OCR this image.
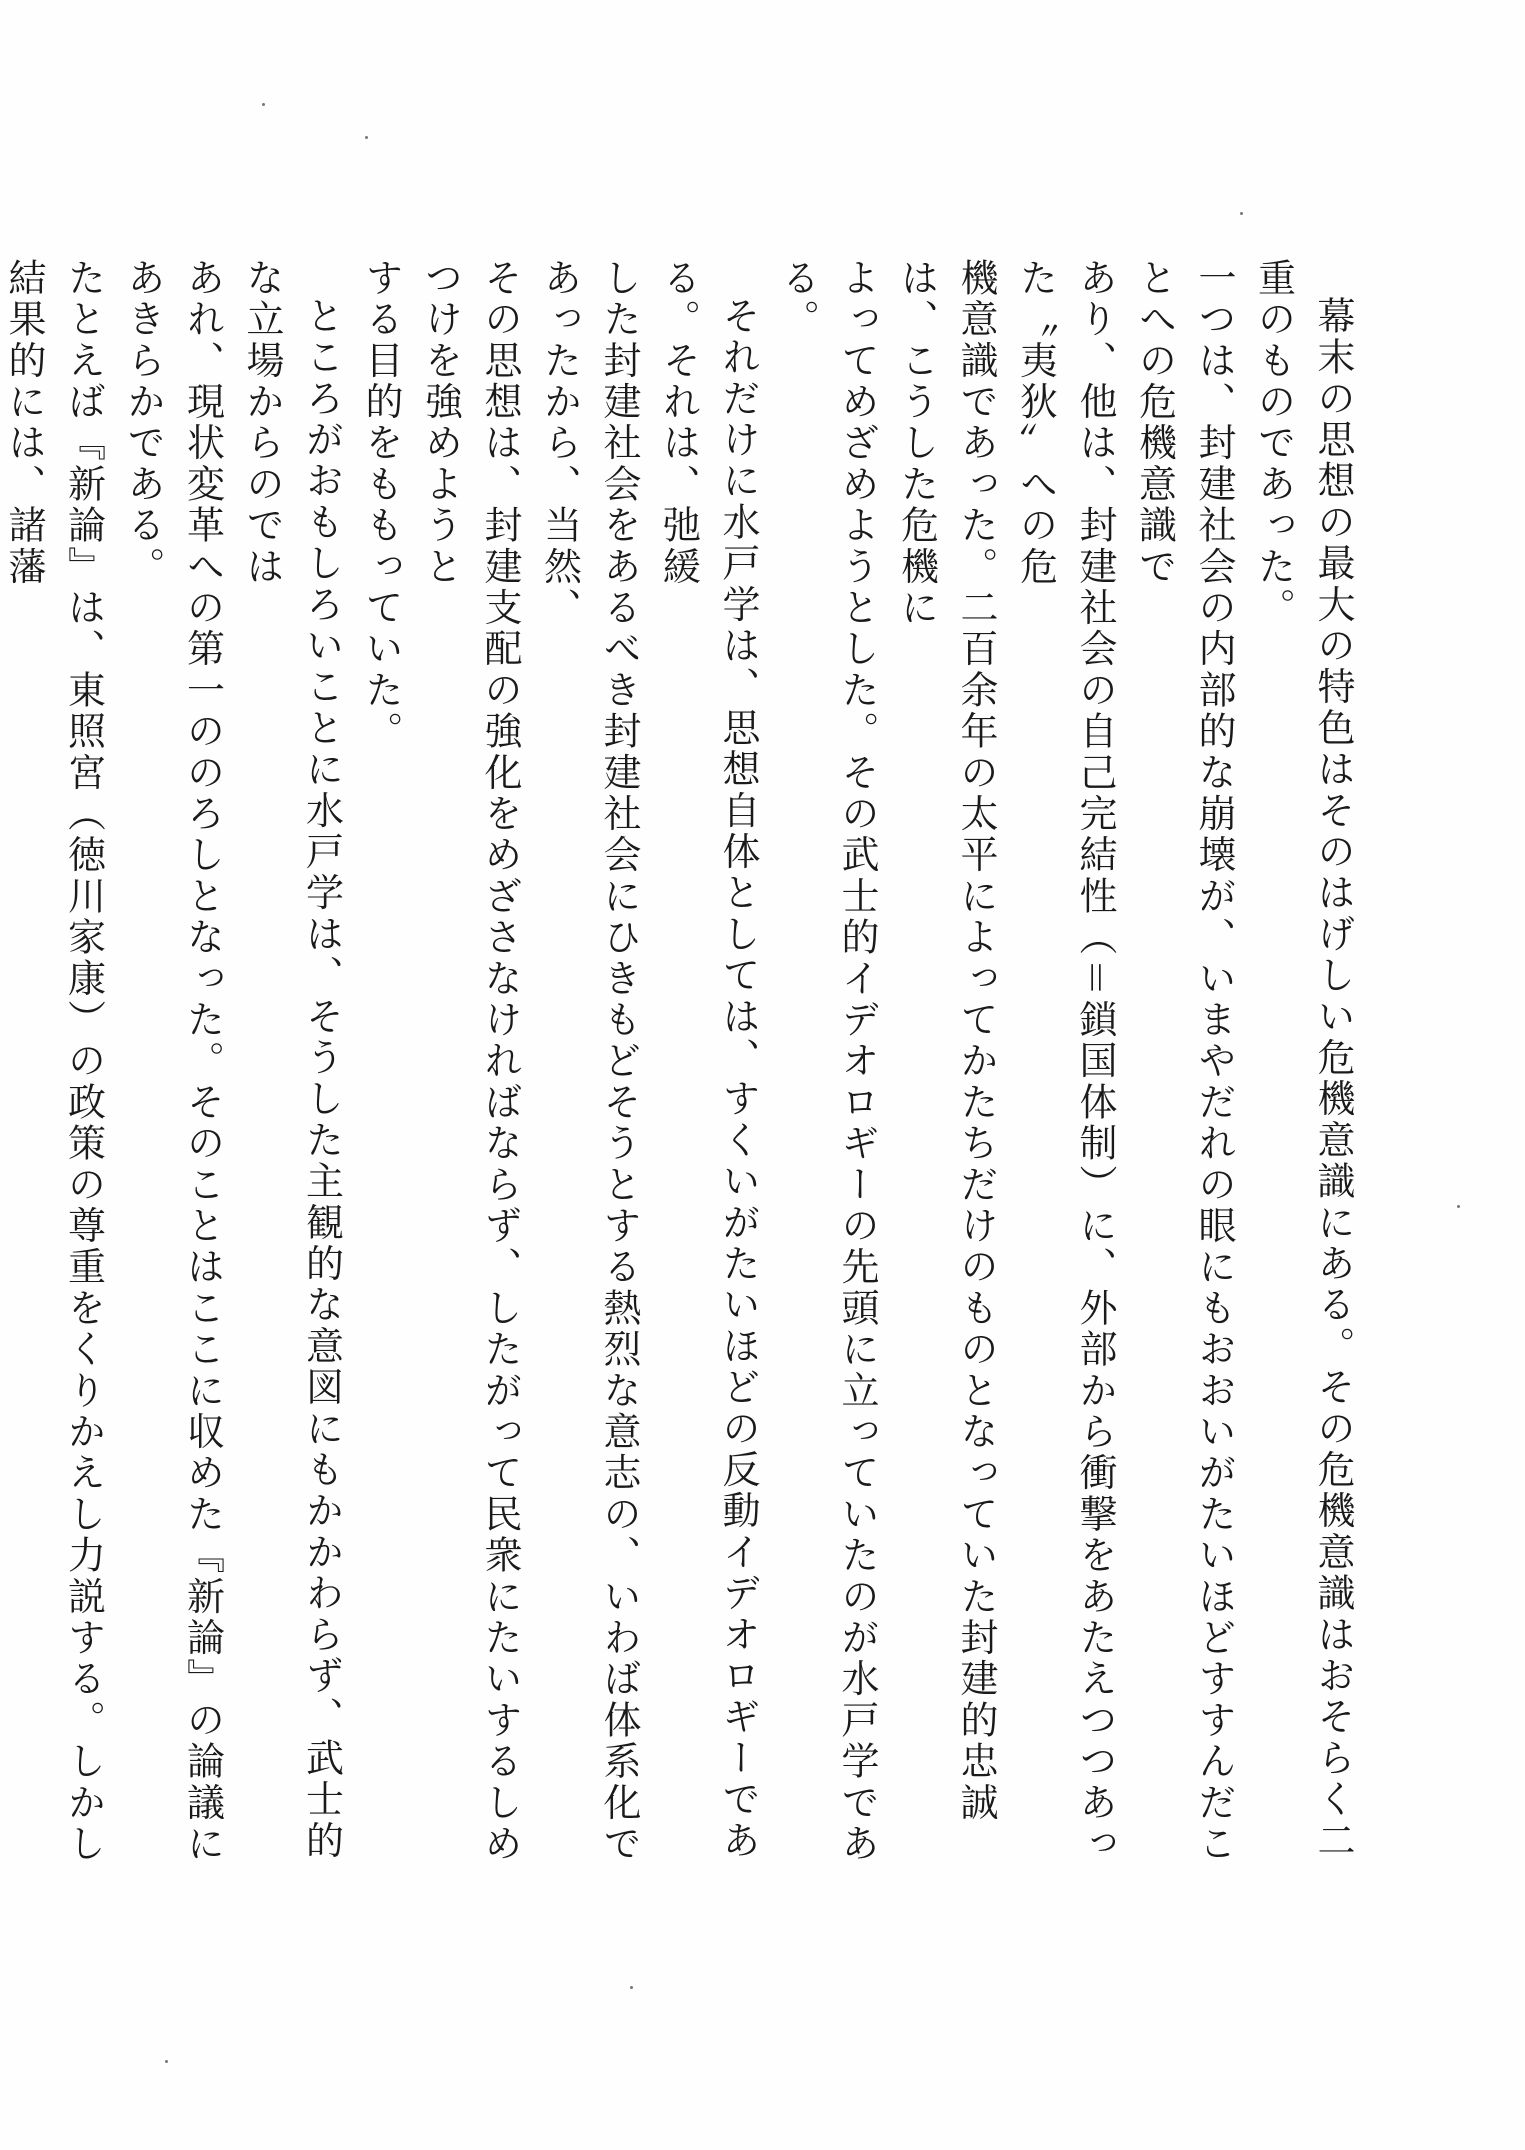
幕末の思想の最大の特色はそのはげしい危機意識にある。その危機意識はおそらく二重のものであった。
一つは、封建社会の内部的な崩壊が、いまやだれの眼にもおおいがたいほどすすんだことへの危機意識で
あり、他は、封建社会の自己完結性（＝鎖国体制）に、外部から衝撃をあたえつつあった〝夷狄〟への危
機意識であった。二百余年の太平によってかたちだけのものとなっていた封建的忠誠は、こうした危機に
よってめざめようとした。その武士的イデオロギーの先頭に立っていたのが水戸学である。

それだけに水戸学は、思想自体としては、すくいがたいほどの反動イデオロギーである。それは、弛緩
した封建社会をあるべき封建社会にひきもどそうとする熱烈な意志の、いわば体系化であったから、当然、
その思想は、封建支配の強化をめざさなければならず、したがって民衆にたいするしめつけを強めようと
する目的をももっていた。

ところがおもしろいことに水戸学は、そうした主観的な意図にもかかわらず、武士的な立場からのでは
あれ、現状変革への第一ののろしとなった。そのことはここに収めた『新論』の論議にあきらかである。
たとえば『新論』は、東照宮（徳川家康）の政策の尊重をくりかえし力説する。しかし結果的には、諸藩
